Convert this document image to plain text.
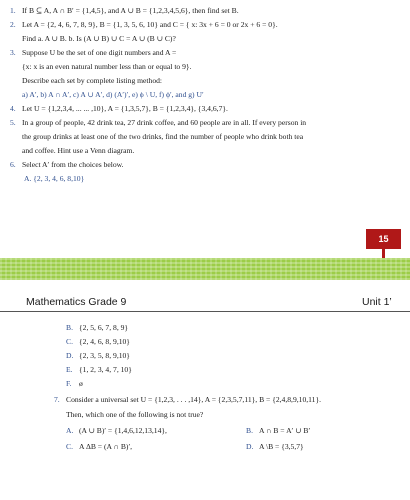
1. If B ⊆ A, A ∩ B′ = {1,4,5}, and A ∪ B = {1,2,3,4,5,6}, then find set B.
2. Let A = {2, 4, 6, 7, 8, 9}, B = {1, 3, 5, 6, 10} and C = { x: 3x + 6 = 0 or 2x + 6 = 0}.
Find a. A ∪ B. b. Is (A ∪ B) ∪ C = A ∪ (B ∪ C)?
3. Suppose U be the set of one digit numbers and A =
{x: x is an even natural number less than or equal to 9}.
Describe each set by complete listing method:
a) A′, b) A ∩ A′, c) A ∪ A′, d) (A′)′, e) ϕ \ U, f) ϕ′, and g) U′
4. Let U = {1,2,3,4, ... ... ,10}, A = {1,3,5,7}, B = {1,2,3,4}, {3,4,6,7}.
5. In a group of people, 42 drink tea, 27 drink coffee, and 60 people are in all. If every person in
the group drinks at least one of the two drinks, find the number of people who drink both tea
and coffee. Hint use a Venn diagram.
6. Select A′ from the choices below.
A. {2, 3, 4, 6, 8,10}
15
Mathematics Grade 9	Unit 1’
B. {2, 5, 6, 7, 8, 9}
C. {2, 4, 6, 8, 9,10}
D. {2, 3, 5, 8, 9,10}
E. {1, 2, 3, 4, 7, 10}
F. ø
7. Consider a universal set U = {1,2,3, . . . ,14}, A = {2,3,5,7,11}, B = {2,4,8,9,10,11}.
Then, which one of the following is not true?
A. (A ∪ B)′ = {1,4,6,12,13,14},	B. A ∩ B = A′ ∪ B′
C. A ΔB = (A ∩ B)′,	D. A \B = {3,5,7}
